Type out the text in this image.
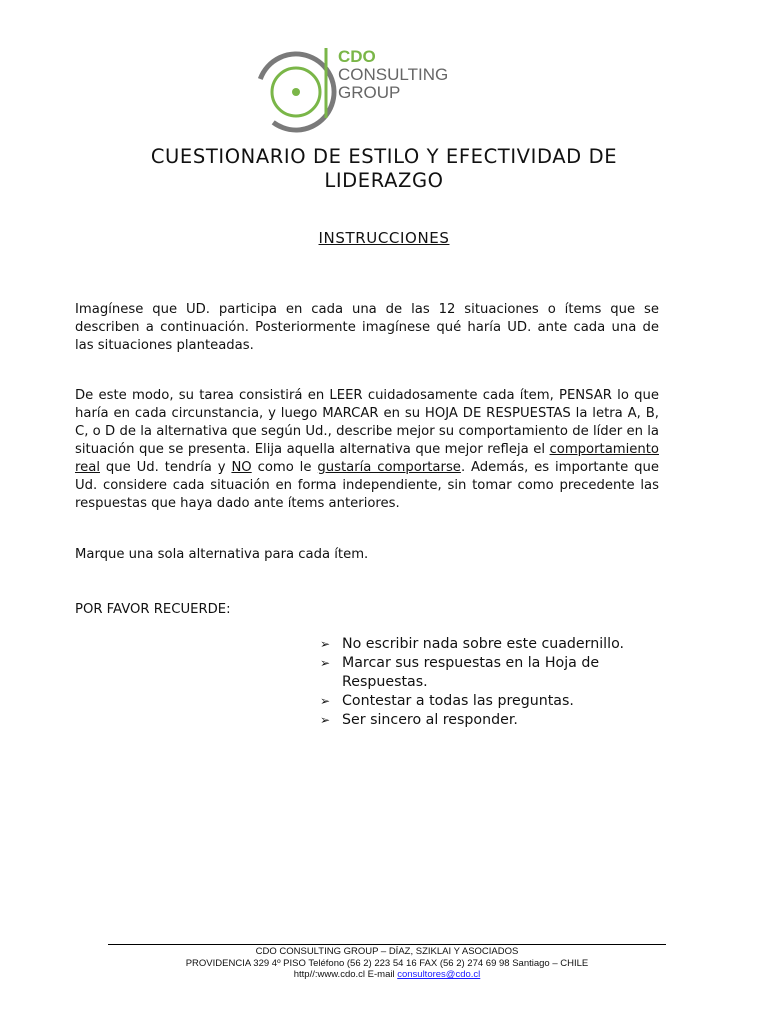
CDO
CONSULTING
GROUP
CUESTIONARIO DE ESTILO Y EFECTIVIDAD DE
LIDERAZGO
INSTRUCCIONES
Imagínese que UD. participa en cada una de las 12 situaciones o ítems que se describen a continuación. Posteriormente imagínese qué haría UD. ante cada una de las situaciones planteadas.
De este modo, su tarea consistirá en LEER cuidadosamente cada ítem, PENSAR lo que haría en cada circunstancia, y luego MARCAR en su HOJA DE RESPUESTAS la letra A, B, C, o D de la alternativa que según Ud., describe mejor su comportamiento de líder en la situación que se presenta. Elija aquella alternativa que mejor refleja el comportamiento real que Ud. tendría y NO como le gustaría comportarse. Además, es importante que Ud. considere cada situación en forma independiente, sin tomar como precedente las respuestas que haya dado ante ítems anteriores.
Marque una sola alternativa para cada ítem.
POR FAVOR RECUERDE:
➢ No escribir nada sobre este cuadernillo.
➢ Marcar sus respuestas en la Hoja de Respuestas.
➢ Contestar a todas las preguntas.
➢ Ser sincero al responder.
CDO CONSULTING GROUP – DÍAZ, SZIKLAI Y ASOCIADOS
PROVIDENCIA 329 4º PISO Teléfono (56 2) 223 54 16 FAX (56 2) 274 69 98 Santiago – CHILE
http//:www.cdo.cl E-mail consultores@cdo.cl
